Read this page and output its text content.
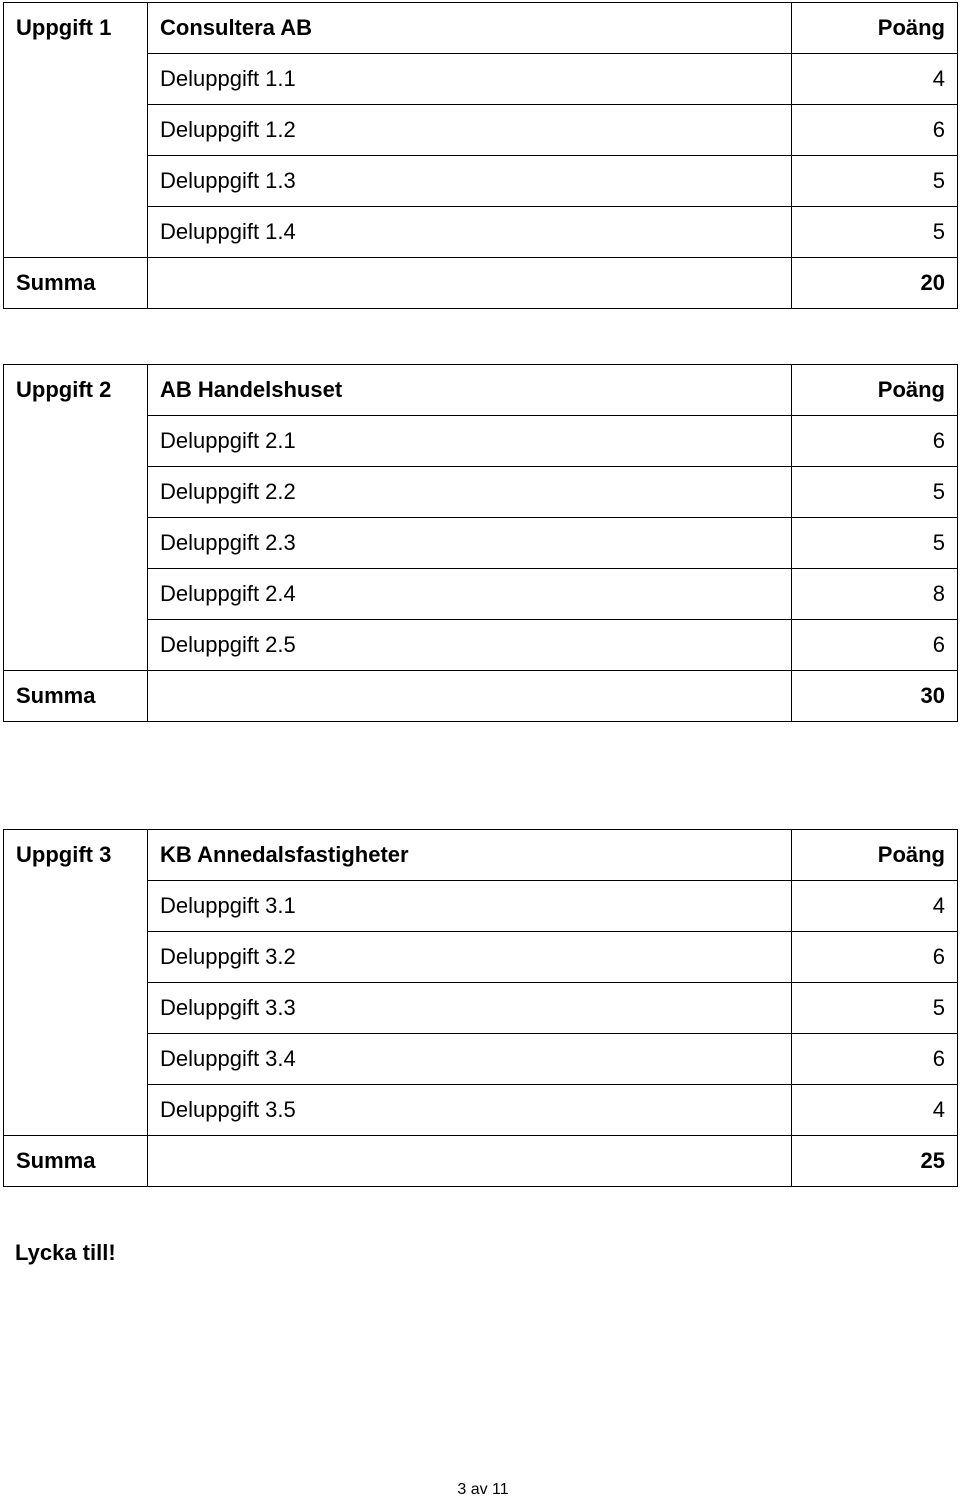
Uppgift 1	Consultera AB	Poäng
	Deluppgift 1.1	4
	Deluppgift 1.2	6
	Deluppgift 1.3	5
	Deluppgift 1.4	5
Summa		20
Uppgift 2	AB Handelshuset	Poäng
	Deluppgift 2.1	6
	Deluppgift 2.2	5
	Deluppgift 2.3	5
	Deluppgift 2.4	8
	Deluppgift 2.5	6
Summa		30
Uppgift 3	KB Annedalsfastigheter	Poäng
	Deluppgift 3.1	4
	Deluppgift 3.2	6
	Deluppgift 3.3	5
	Deluppgift 3.4	6
	Deluppgift 3.5	4
Summa		25
Lycka till!
3 av 11
